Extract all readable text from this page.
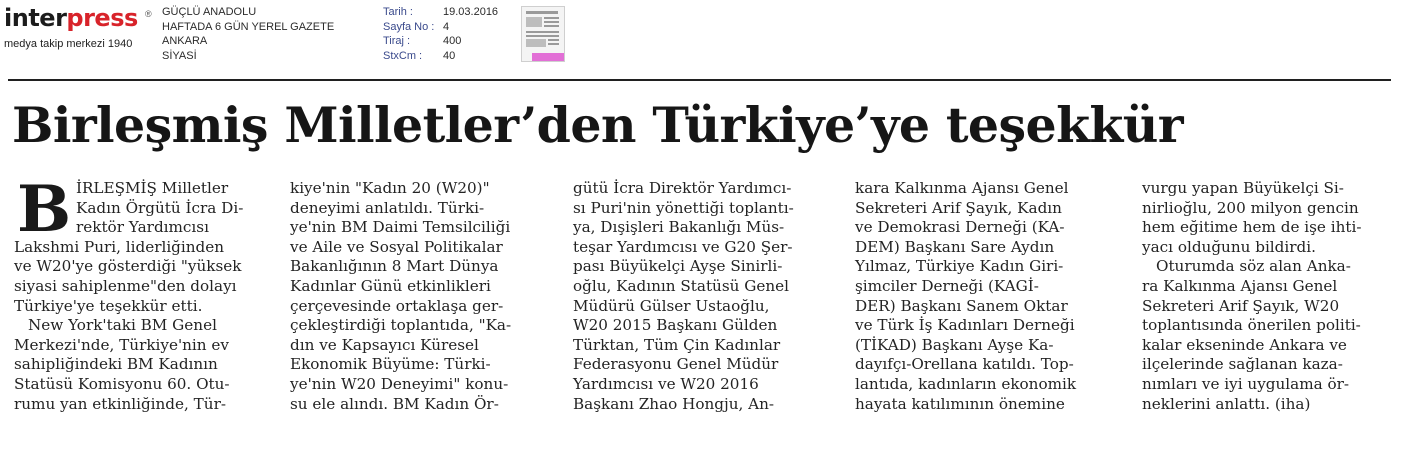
interpress ®
medya takip merkezi 1940
GÜÇLÜ ANADOLU
HAFTADA 6 GÜN YEREL GAZETE
ANKARA
SİYASİ
Tarih :	19.03.2016
Sayfa No : 4
Tiraj :	400
StxCm :	40
Birleşmiş Milletler’den Türkiye’ye teşekkür
B İRLEŞMİŞ Milletler
Kadın Örgütü İcra Di-
rektör Yardımcısı
Lakshmi Puri, liderliğinden
ve W20'ye gösterdiği "yüksek
siyasi sahiplenme"den dolayı
Türkiye'ye teşekkür etti.
New York'taki BM Genel
Merkezi'nde, Türkiye'nin ev
sahipliğindeki BM Kadının
Statüsü Komisyonu 60. Otu-
rumu yan etkinliğinde, Tür-
kiye'nin "Kadın 20 (W20)"
deneyimi anlatıldı. Türki-
ye'nin BM Daimi Temsilciliği
ve Aile ve Sosyal Politikalar
Bakanlığının 8 Mart Dünya
Kadınlar Günü etkinlikleri
çerçevesinde ortaklaşa ger-
çekleştirdiği toplantıda, "Ka-
dın ve Kapsayıcı Küresel
Ekonomik Büyüme: Türki-
ye'nin W20 Deneyimi" konu-
su ele alındı. BM Kadın Ör-
gütü İcra Direktör Yardımcı-
sı Puri'nin yönettiği toplantı-
ya, Dışişleri Bakanlığı Müs-
teşar Yardımcısı ve G20 Şer-
pası Büyükelçi Ayşe Sinirli-
oğlu, Kadının Statüsü Genel
Müdürü Gülser Ustaoğlu,
W20 2015 Başkanı Gülden
Türktan, Tüm Çin Kadınlar
Federasyonu Genel Müdür
Yardımcısı ve W20 2016
Başkanı Zhao Hongju, An-
kara Kalkınma Ajansı Genel
Sekreteri Arif Şayık, Kadın
ve Demokrasi Derneği (KA-
DEM) Başkanı Sare Aydın
Yılmaz, Türkiye Kadın Giri-
şimciler Derneği (KAGİ-
DER) Başkanı Sanem Oktar
ve Türk İş Kadınları Derneği
(TİKAD) Başkanı Ayşe Ka-
dayıfçı-Orellana katıldı. Top-
lantıda, kadınların ekonomik
hayata katılımının önemine
vurgu yapan Büyükelçi Si-
nirlioğlu, 200 milyon gencin
hem eğitime hem de işe ihti-
yacı olduğunu bildirdi.
Oturumda söz alan Anka-
ra Kalkınma Ajansı Genel
Sekreteri Arif Şayık, W20
toplantısında önerilen politi-
kalar ekseninde Ankara ve
ilçelerinde sağlanan kaza-
nımları ve iyi uygulama ör-
neklerini anlattı. (iha)
